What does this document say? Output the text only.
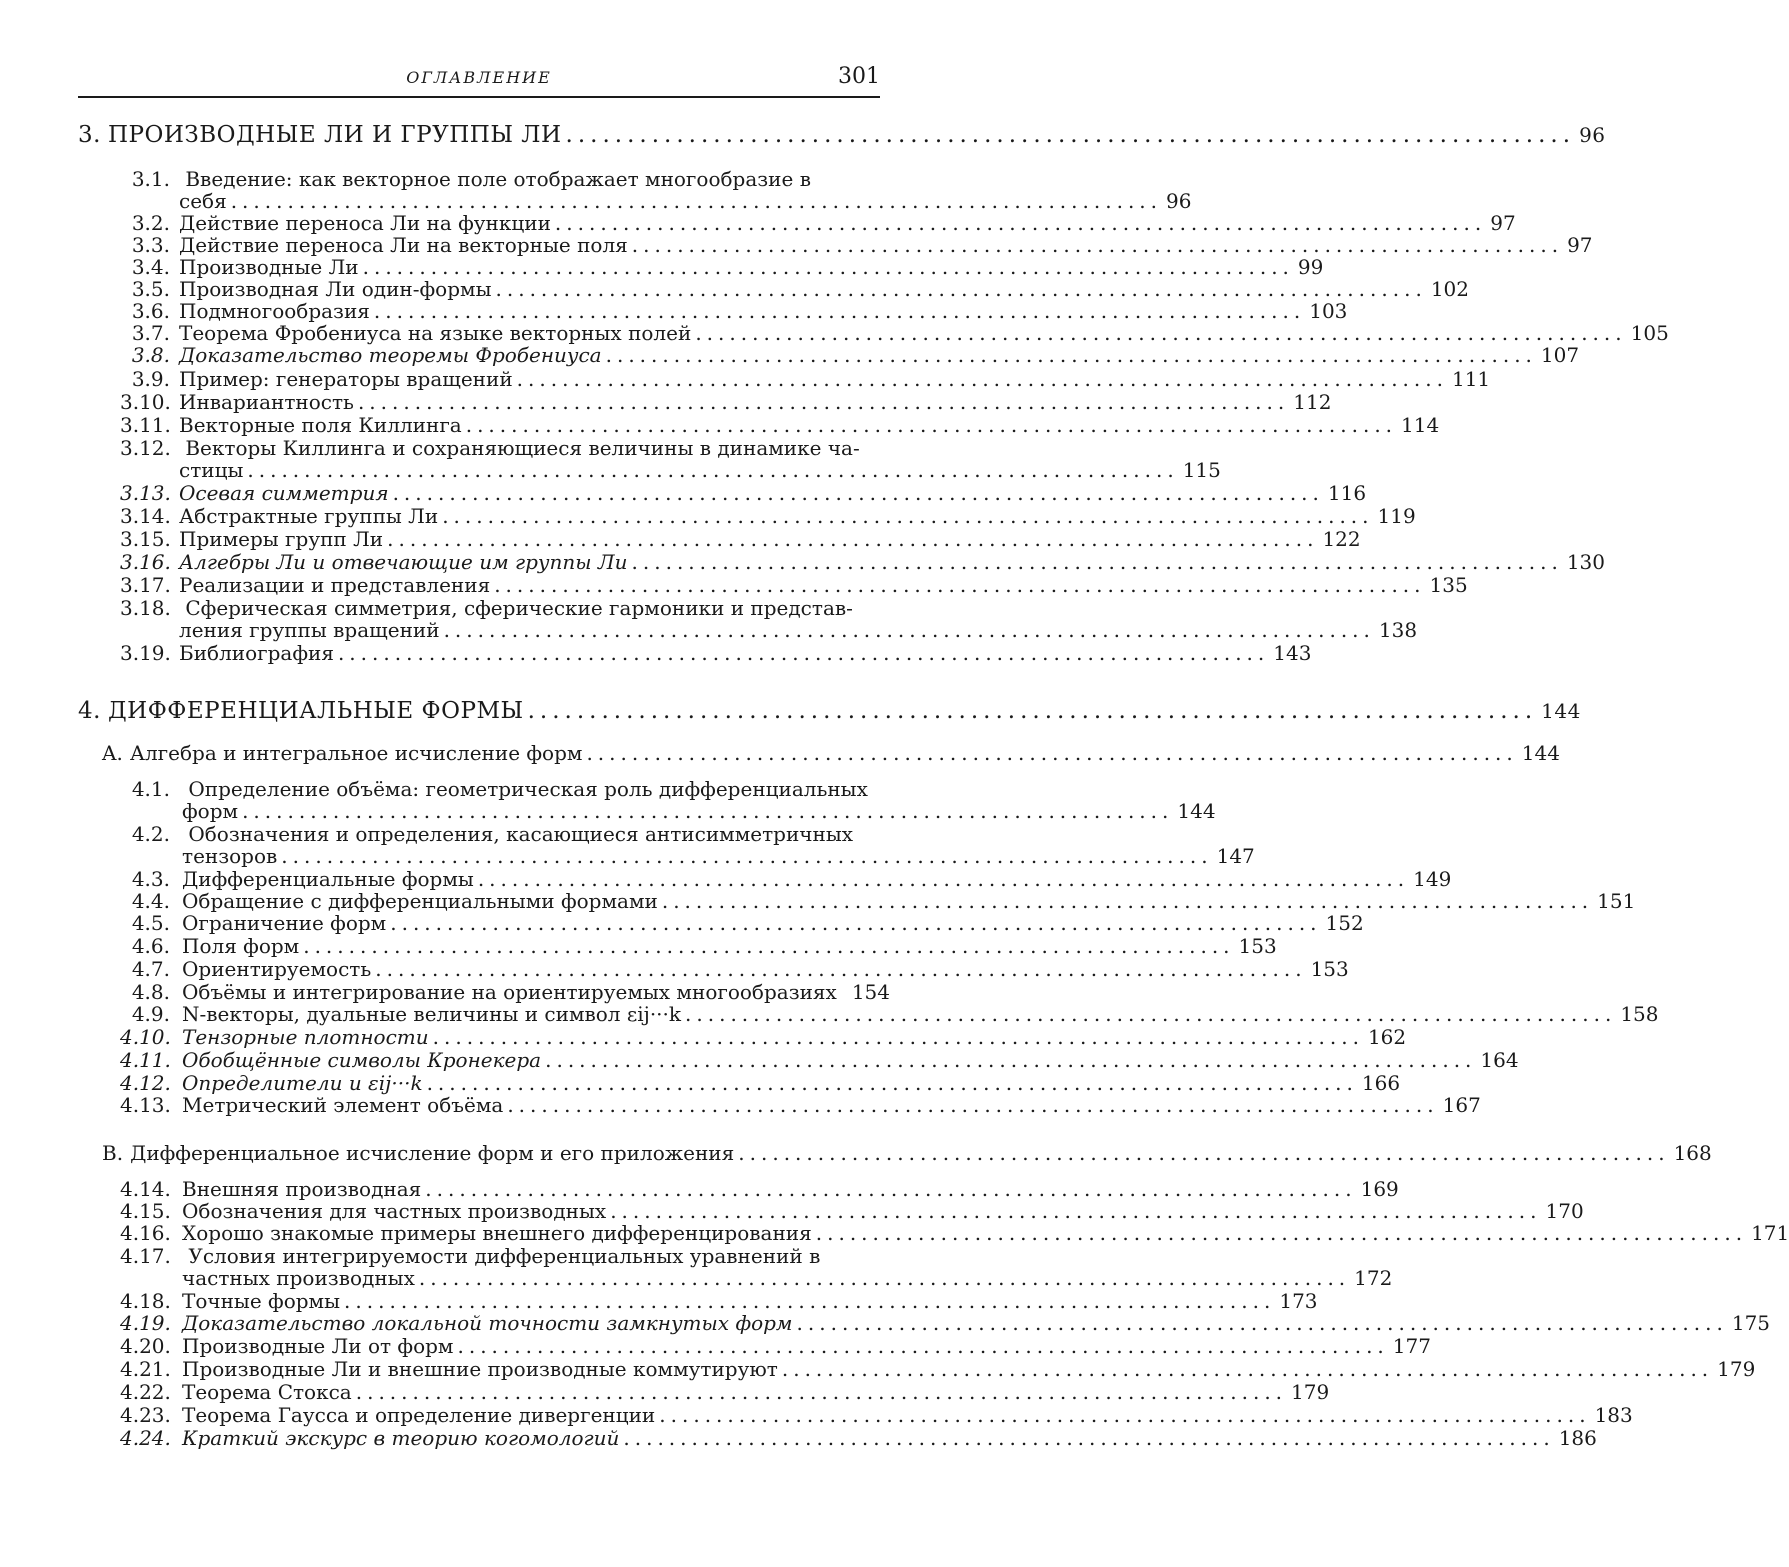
ОГЛАВЛЕНИЕ	301
3. ПРОИЗВОДНЫЕ ЛИ И ГРУППЫ ЛИ .................................................................................. 96
3.1. Введение: как векторное поле отображает многообразие в
себя .................................................................................. 96
3.2. Действие переноса Ли на функции .................................................................................. 97
3.3. Действие переноса Ли на векторные поля .................................................................................. 97
3.4. Производные Ли .................................................................................. 99
3.5. Производная Ли один-формы .................................................................................. 102
3.6. Подмногообразия .................................................................................. 103
3.7. Теорема Фробениуса на языке векторных полей .................................................................................. 105
3.8. Доказательство теоремы Фробениуса .................................................................................. 107
3.9. Пример: генераторы вращений .................................................................................. 111
3.10. Инвариантность .................................................................................. 112
3.11. Векторные поля Киллинга .................................................................................. 114
3.12. Векторы Киллинга и сохраняющиеся величины в динамике ча-
стицы .................................................................................. 115
3.13. Осевая симметрия .................................................................................. 116
3.14. Абстрактные группы Ли .................................................................................. 119
3.15. Примеры групп Ли .................................................................................. 122
3.16. Алгебры Ли и отвечающие им группы Ли .................................................................................. 130
3.17. Реализации и представления .................................................................................. 135
3.18. Сферическая симметрия, сферические гармоники и представ-
ления группы вращений .................................................................................. 138
3.19. Библиография .................................................................................. 143
4. ДИФФЕРЕНЦИАЛЬНЫЕ ФОРМЫ .................................................................................. 144
A. Алгебра и интегральное исчисление форм .................................................................................. 144
4.1. Определение объёма: геометрическая роль дифференциальных
форм .................................................................................. 144
4.2. Обозначения и определения, касающиеся антисимметричных
тензоров .................................................................................. 147
4.3. Дифференциальные формы .................................................................................. 149
4.4. Обращение с дифференциальными формами .................................................................................. 151
4.5. Ограничение форм .................................................................................. 152
4.6. Поля форм .................................................................................. 153
4.7. Ориентируемость .................................................................................. 153
4.8. Объёмы и интегрирование на ориентируемых многообразиях 154
4.9. N-векторы, дуальные величины и символ εij···k .................................................................................. 158
4.10. Тензорные плотности .................................................................................. 162
4.11. Обобщённые символы Кронекера .................................................................................. 164
4.12. Определители и εij···k .................................................................................. 166
4.13. Метрический элемент объёма .................................................................................. 167
B. Дифференциальное исчисление форм и его приложения .................................................................................. 168
4.14. Внешняя производная .................................................................................. 169
4.15. Обозначения для частных производных .................................................................................. 170
4.16. Хорошо знакомые примеры внешнего дифференцирования .................................................................................. 171
4.17. Условия интегрируемости дифференциальных уравнений в
частных производных .................................................................................. 172
4.18. Точные формы .................................................................................. 173
4.19. Доказательство локальной точности замкнутых форм .................................................................................. 175
4.20. Производные Ли от форм .................................................................................. 177
4.21. Производные Ли и внешние производные коммутируют .................................................................................. 179
4.22. Теорема Стокса .................................................................................. 179
4.23. Теорема Гаусса и определение дивергенции .................................................................................. 183
4.24. Краткий экскурс в теорию когомологий .................................................................................. 186
